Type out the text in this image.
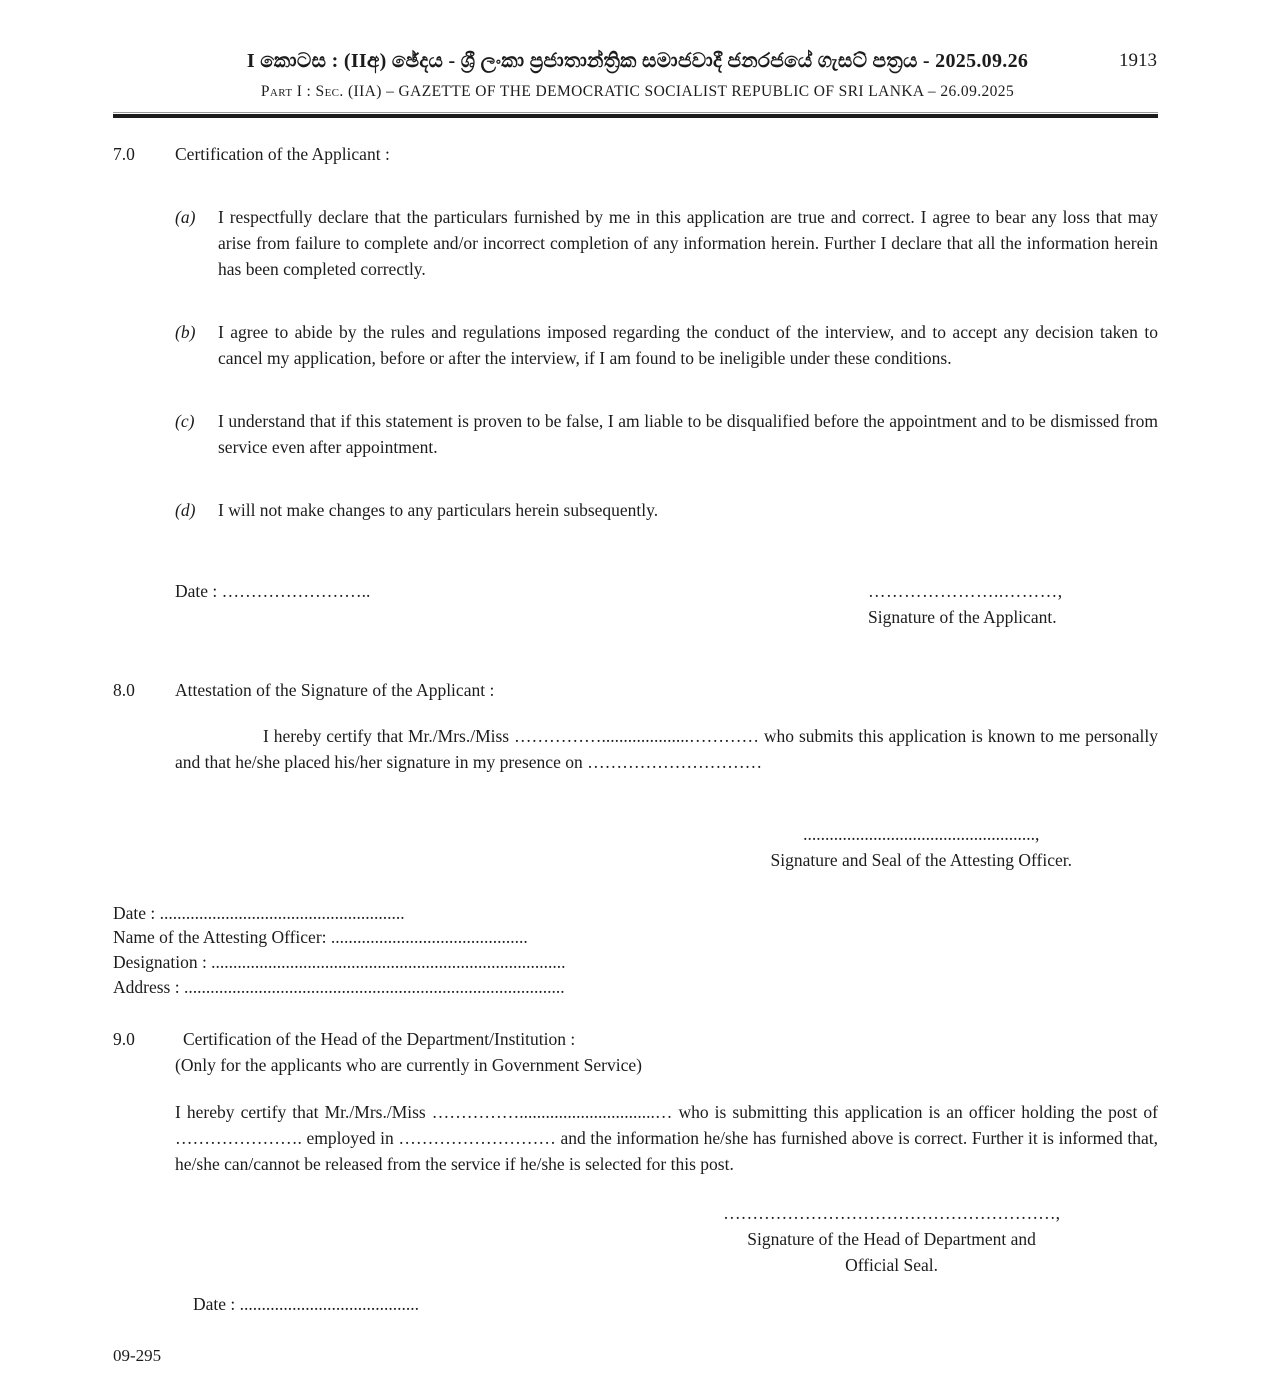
I කොටස : (IIඅ) ඡේදය - ශ්‍රී ලංකා ප්‍රජාතාන්ත්‍රික සමාජවාදී ජනරජයේ ගැසට් පත්‍රය - 2025.09.26
Part I : Sec. (IIA) – GAZETTE OF THE DEMOCRATIC SOCIALIST REPUBLIC OF SRI LANKA – 26.09.2025
1913
7.0	Certification of the Applicant :
(a)	I respectfully declare that the particulars furnished by me in this application are true and correct. I agree to bear any loss that may arise from failure to complete and/or incorrect completion of any information herein. Further I declare that all the information herein has been completed correctly.
(b)	I agree to abide by the rules and regulations imposed regarding the conduct of the interview, and to accept any decision taken to cancel my application, before or after the interview, if I am found to be ineligible under these conditions.
(c)	I understand that if this statement is proven to be false, I am liable to be disqualified before the appointment and to be dismissed from service even after appointment.
(d)	I will not make changes to any particulars herein subsequently.
Date : ……………………..	…………………..………,
Signature of the Applicant.
8.0	Attestation of the Signature of the Applicant :
I hereby certify that Mr./Mrs./Miss ……………....................………… who submits this application is known to me personally and that he/she placed his/her signature in my presence on …………………………
.....................................................,
Signature and Seal of the Attesting Officer.
Date : ........................................................
Name of the Attesting Officer: .............................................
Designation : .................................................................................
Address : .......................................................................................
9.0	Certification of the Head of the Department/Institution :
(Only for the applicants who are currently in Government Service)
I hereby certify that Mr./Mrs./Miss ……………...............................… who is submitting this application is an officer holding the post of …………………. employed in ……………………… and the information he/she has furnished above is correct. Further it is informed that, he/she can/cannot be released from the service if he/she is selected for this post.
…………………………………………………,
Signature of the Head of Department and
Official Seal.
Date : .........................................
09-295
